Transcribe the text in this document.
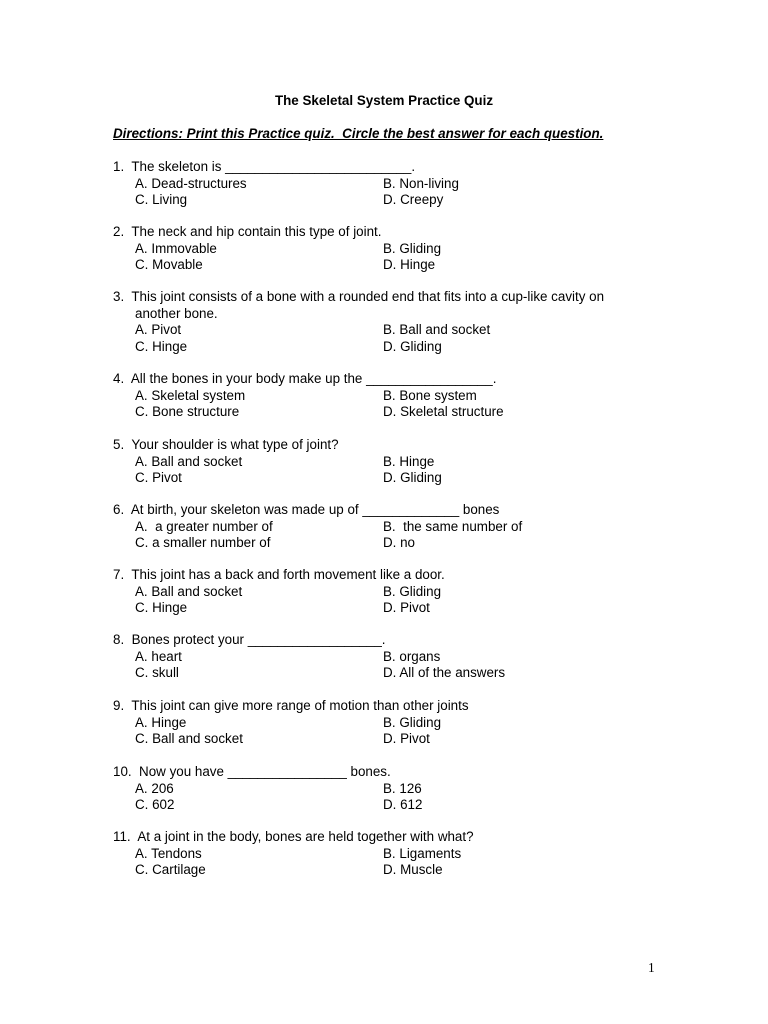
The Skeletal System Practice Quiz
Directions: Print this Practice quiz.  Circle the best answer for each question.
1.  The skeleton is _________________________.
A. Dead-structures	B. Non-living
C. Living	D. Creepy
2.  The neck and hip contain this type of joint.
A. Immovable	B. Gliding
C. Movable	D. Hinge
3.  This joint consists of a bone with a rounded end that fits into a cup-like cavity on
another bone.
A. Pivot	B. Ball and socket
C. Hinge	D. Gliding
4.  All the bones in your body make up the _________________.
A. Skeletal system	B. Bone system
C. Bone structure	D. Skeletal structure
5.  Your shoulder is what type of joint?
A. Ball and socket	B. Hinge
C. Pivot	D. Gliding
6.  At birth, your skeleton was made up of _____________ bones
A.  a greater number of	B.  the same number of
C. a smaller number of	D. no
7.  This joint has a back and forth movement like a door.
A. Ball and socket	B. Gliding
C. Hinge	D. Pivot
8.  Bones protect your __________________.
A. heart	B. organs
C. skull	D. All of the answers
9.  This joint can give more range of motion than other joints
A. Hinge	B. Gliding
C. Ball and socket	D. Pivot
10.  Now you have ________________ bones.
A. 206	B. 126
C. 602	D. 612
11.  At a joint in the body, bones are held together with what?
A. Tendons	B. Ligaments
C. Cartilage	D. Muscle
1
